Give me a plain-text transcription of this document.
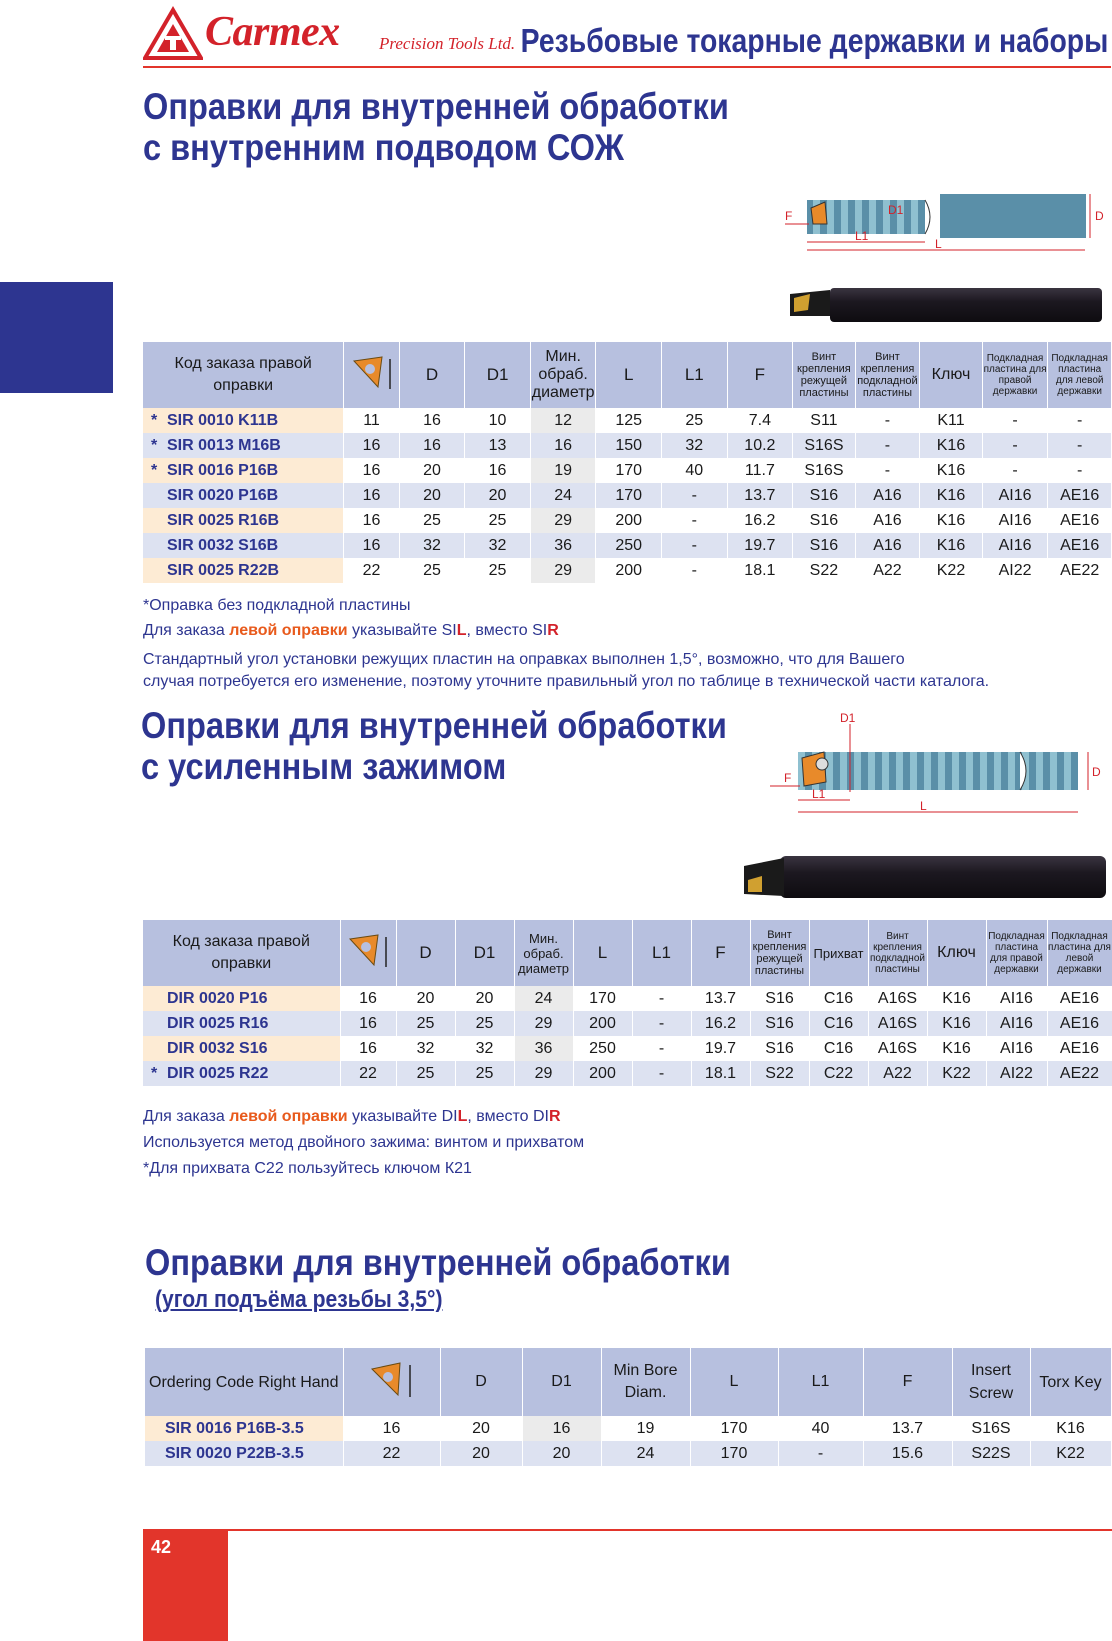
Carmex Precision Tools Ltd. Резьбовые токарные державки и наборы
Оправки для внутренней обработки
с внутренним подводом СОЖ
D1
F
L1
L
D
Код заказа правой оправки		D	D1	Мин. обраб. диаметр	L	L1	F	Винт крепления режущей пластины	Винт крепления подкладной пластины	Ключ	Подкладная пластина для правой державки	Подкладная пластина для левой державки
* SIR 0010 K11B	11	16	10	12	125	25	7.4	S11	-	K11	-	-
* SIR 0013 M16B	16	16	13	16	150	32	10.2	S16S	-	K16	-	-
* SIR 0016 P16B	16	20	16	19	170	40	11.7	S16S	-	K16	-	-
SIR 0020 P16B	16	20	20	24	170	-	13.7	S16	A16	K16	AI16	AE16
SIR 0025 R16B	16	25	25	29	200	-	16.2	S16	A16	K16	AI16	AE16
SIR 0032 S16B	16	32	32	36	250	-	19.7	S16	A16	K16	AI16	AE16
SIR 0025 R22B	22	25	25	29	200	-	18.1	S22	A22	K22	AI22	AE22
*Оправка без подкладной пластины
Для заказа левой оправки указывайте SIL, вместо SIR
Стандартный угол установки режущих пластин на оправках выполнен 1,5°, возможно, что для Вашего
случая потребуется его изменение, поэтому уточните правильный угол по таблице в технической части каталога.
Оправки для внутренней обработки
с усиленным зажимом
D1
F
L1
L
D
Код заказа правой оправки		D	D1	Мин. обраб. диаметр	L	L1	F	Винт крепления режущей пластины	Прихват	Винт крепления подкладной пластины	Ключ	Подкладная пластина для правой державки	Подкладная пластина для левой державки
DIR 0020 P16	16	20	20	24	170	-	13.7	S16	C16	A16S	K16	AI16	AE16
DIR 0025 R16	16	25	25	29	200	-	16.2	S16	C16	A16S	K16	AI16	AE16
DIR 0032 S16	16	32	32	36	250	-	19.7	S16	C16	A16S	K16	AI16	AE16
* DIR 0025 R22	22	25	25	29	200	-	18.1	S22	C22	A22	K22	AI22	AE22
Для заказа левой оправки указывайте DIL, вместо DIR
Используется метод двойного зажима: винтом и прихватом
*Для прихвата С22 пользуйтесь ключом К21
Оправки для внутренней обработки
(угол подъёма резьбы 3,5°)
Ordering Code Right Hand		D	D1	Min Bore Diam.	L	L1	F	Insert Screw	Torx Key
SIR 0016 P16B-3.5	16	20	16	19	170	40	13.7	S16S	K16
SIR 0020 P22B-3.5	22	20	20	24	170	-	15.6	S22S	K22
42
